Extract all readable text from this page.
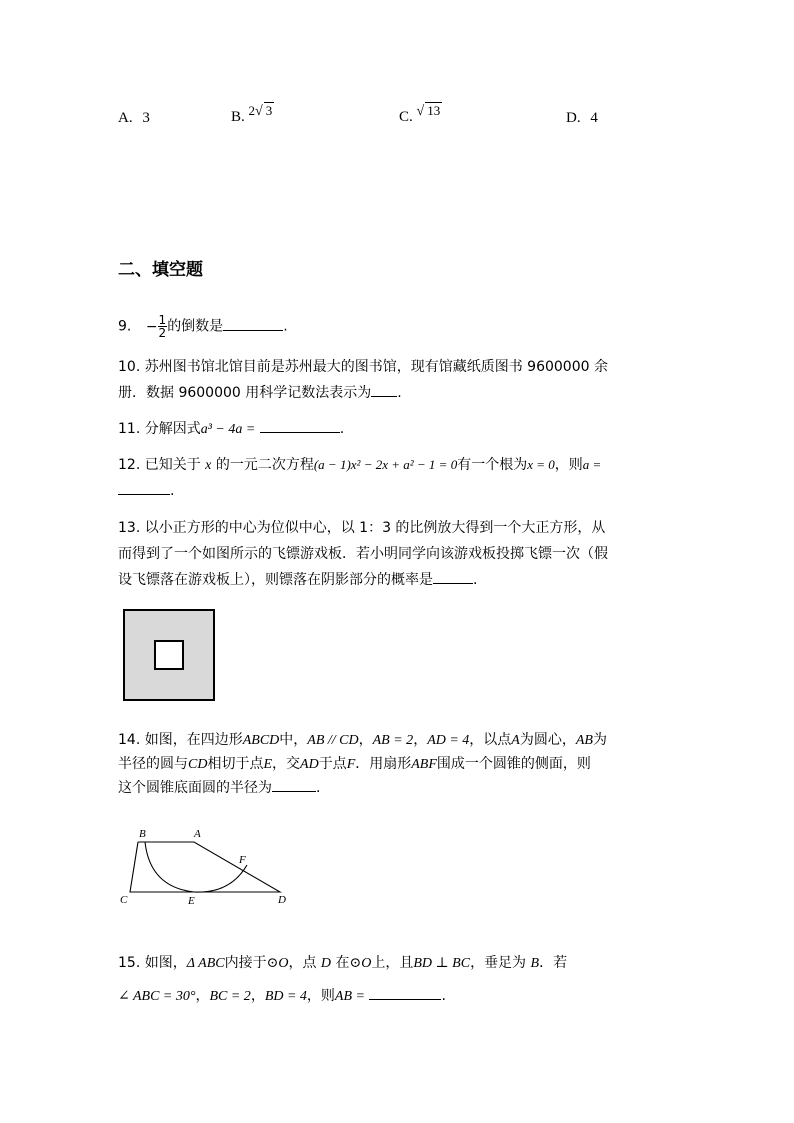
A. 3	B. 2√ 3	C. √ 13	D. 4
二、填空题
9. − $\frac{1}{2}$ 的倒数是	.
10. 苏州图书馆北馆目前是苏州最大的图书馆，现有馆藏纸质图书 9600000 余
册．数据 9600000 用科学记数法表示为 .
11. 分解因式a³ − 4a =	.
12. 已知关于 x 的一元二次方程(a − 1)x² − 2x + a² − 1 = 0有一个根为x = 0，则a =
.
13. 以小正方形的中心为位似中心，以 1：3 的比例放大得到一个大正方形，从
而得到了一个如图所示的飞镖游戏板．若小明同学向该游戏板投掷飞镖一次（假
设飞镖落在游戏板上），则镖落在阴影部分的概率是	.
14. 如图，在四边形ABCD中，AB // CD，AB = 2，AD = 4，以点A为圆心，AB为
半径的圆与CD相切于点E，交AD于点F．用扇形ABF围成一个圆锥的侧面，则
这个圆锥底面圆的半径为	.
B	A
F
C	E	D
15. 如图，Δ ABC内接于⊙O，点 D 在⊙O上，且BD ⊥ BC，垂足为 B．若
∠ ABC = 30°，BC = 2，BD = 4，则AB =	.
